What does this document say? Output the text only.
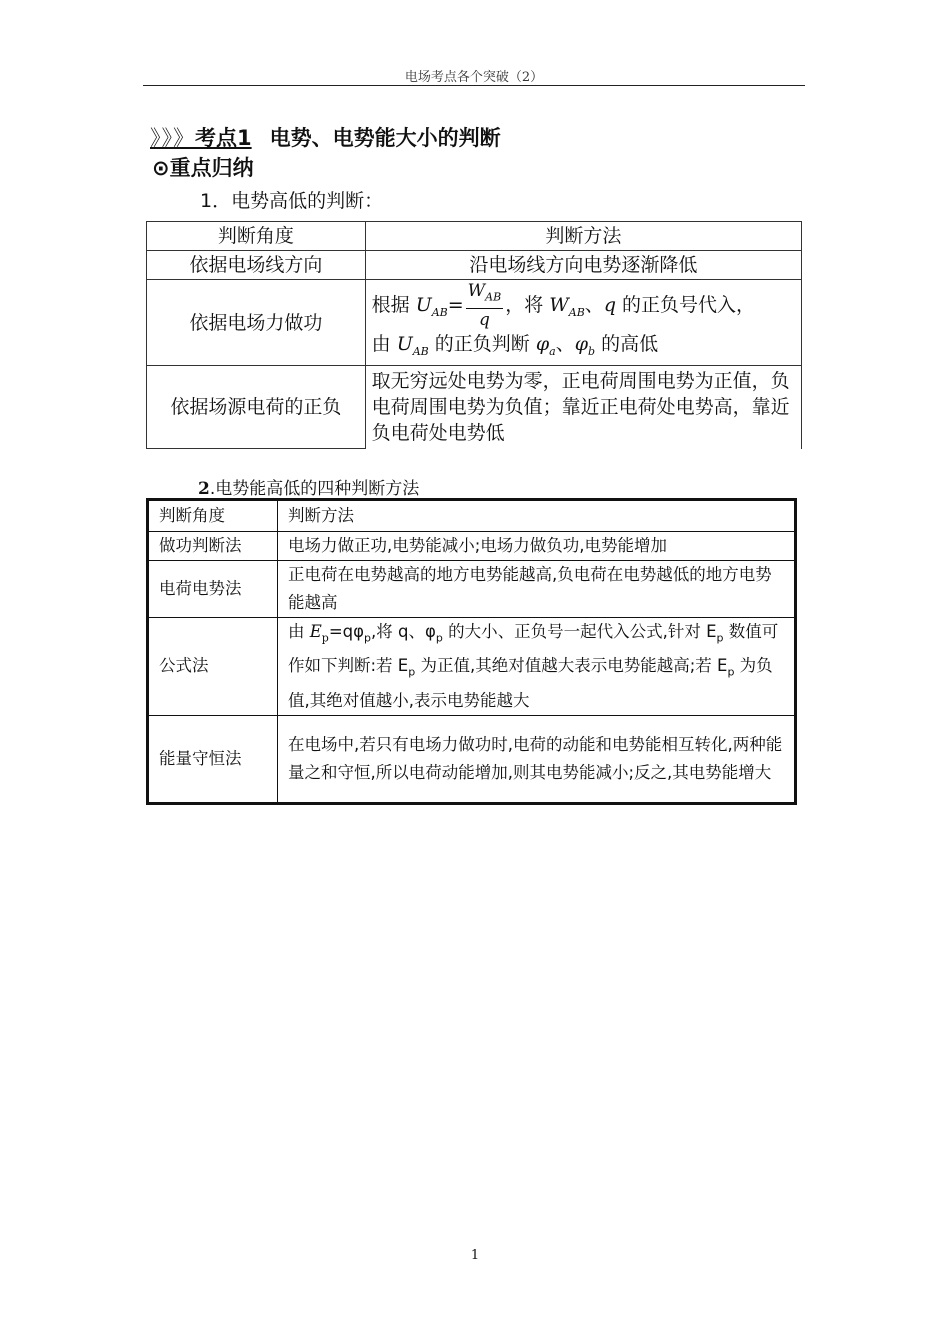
电场考点各个突破（2）
》》》考点1 电势、电势能大小的判断
⊙重点归纳
1．电势高低的判断：
判断角度	判断方法
依据电场线方向	沿电场线方向电势逐渐降低
依据电场力做功	根据 $U_{AB}= \frac{W_{AB}}{q}$ ，将 $W_{AB}$、q 的正负号代入，
由 $U_{AB}$ 的正负判断 $\varphi_a$、$\varphi_b$ 的高低

依据场源电荷的正负	取无穷远处电势为零，正电荷周围电势为正值，负电荷周围电势为负值；靠近正电荷处电势高，靠近负电荷处电势低
2.电势能高低的四种判断方法
判断角度	判断方法
做功判断法	电场力做正功,电势能减小;电场力做负功,电势能增加
电荷电势法	正电荷在电势越高的地方电势能越高,负电荷在电势越低的地方电势能越高
公式法	由 $E_p=q\varphi_p$,将 q、$\varphi_p$ 的大小、正负号一起代入公式,针对 $E_p$ 数值可作如下判断:若 $E_p$ 为正值,其绝对值越大表示电势能越高;若 $E_p$ 为负值,其绝对值越小,表示电势能越大
能量守恒法	在电场中,若只有电场力做功时,电荷的动能和电势能相互转化,两种能量之和守恒,所以电荷动能增加,则其电势能减小;反之,其电势能增大
1
